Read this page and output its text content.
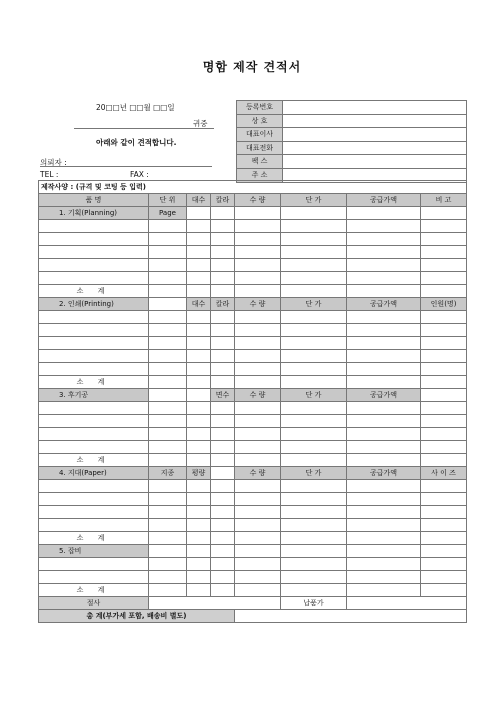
명함 제작 견적서
20□□년 □□월 □□일
귀중
아래와 같이 견적합니다.
의뢰자 :
TEL :	FAX :
등록번호	
상 호	
대표이사	
대표전화	
팩 스	
주 소	
제작사양 : (규격 및 코팅 등 입력)							
품 명	단 위	대수	칼라	수 량	단 가	공급가액	비 고
1. 기획(Planning)	Page						

소 계							
2. 인쇄(Printing)		대수	칼라	수 량	단 가	공급가액	인원(명)

소 계							
3. 후기공			면수	수 량	단 가	공급가액	

소 계							
4. 지대(Paper)	지종	평량		수 량	단 가	공급가액	사 이 즈

소 계							
5. 잡비							

소 계							
절사					납품가		
총 계(부가세 포함, 배송비 별도)							
